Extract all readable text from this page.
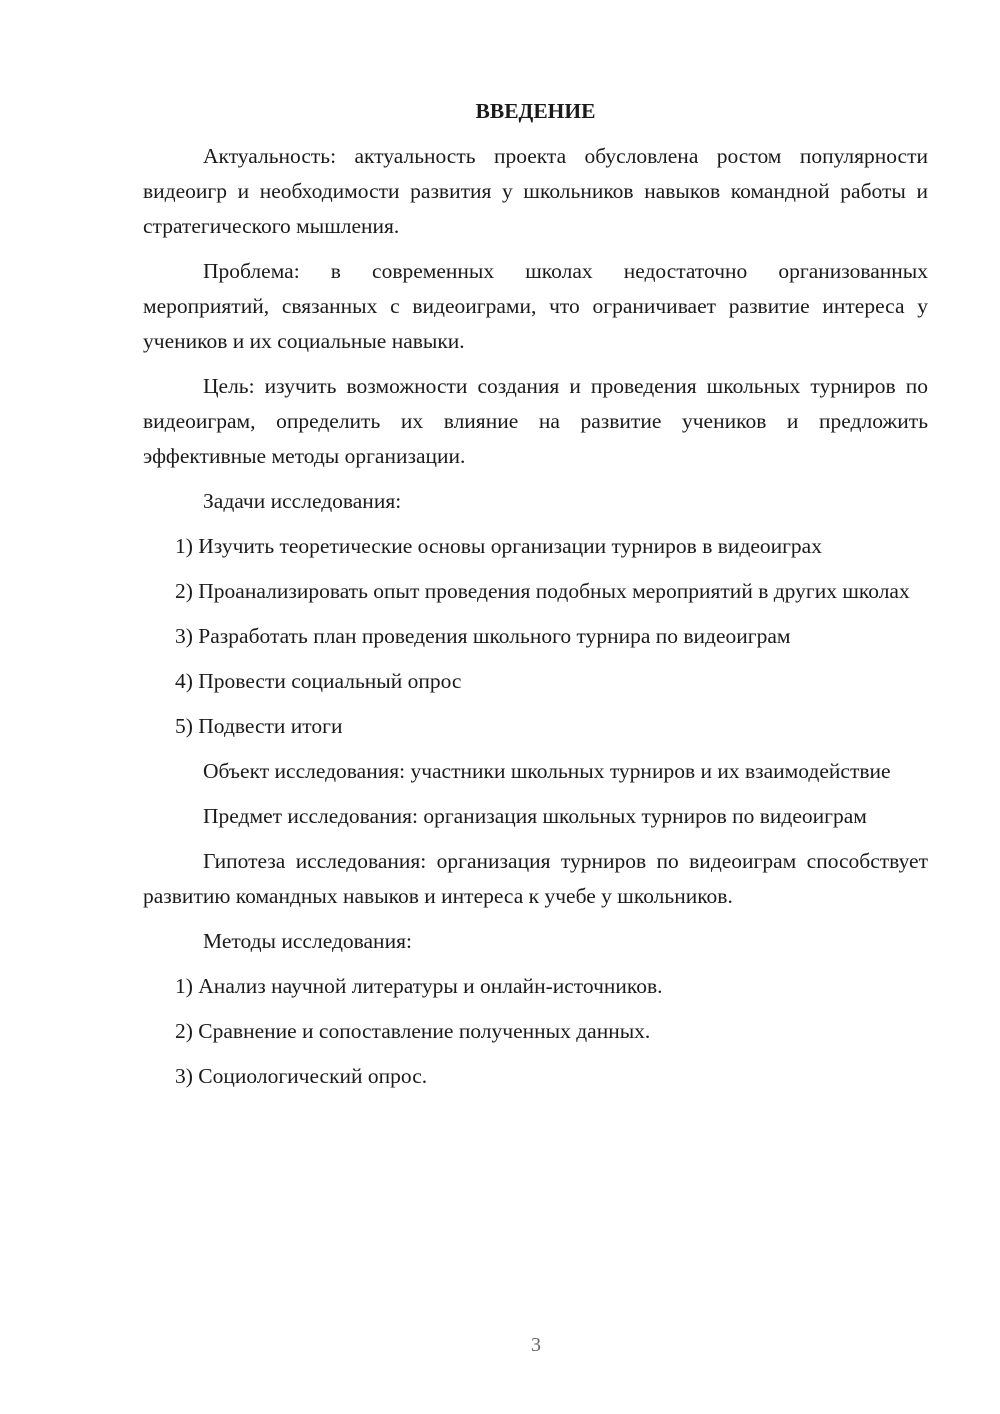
ВВЕДЕНИЕ

Актуальность: актуальность проекта обусловлена ростом популярности видеоигр и необходимости развития у школьников навыков командной работы и стратегического мышления.

Проблема: в современных школах недостаточно организованных мероприятий, связанных с видеоиграми, что ограничивает развитие интереса у учеников и их социальные навыки.

Цель: изучить возможности создания и проведения школьных турниров по видеоиграм, определить их влияние на развитие учеников и предложить эффективные методы организации.

Задачи исследования:

1) Изучить теоретические основы организации турниров в видеоиграх

2) Проанализировать опыт проведения подобных мероприятий в других школах

3) Разработать план проведения школьного турнира по видеоиграм

4) Провести социальный опрос

5) Подвести итоги

Объект исследования: участники школьных турниров и их взаимодействие

Предмет исследования: организация школьных турниров по видеоиграм

Гипотеза исследования: организация турниров по видеоиграм способствует развитию командных навыков и интереса к учебе у школьников.

Методы исследования:

1) Анализ научной литературы и онлайн-источников.

2) Сравнение и сопоставление полученных данных.

3) Социологический опрос.

3
